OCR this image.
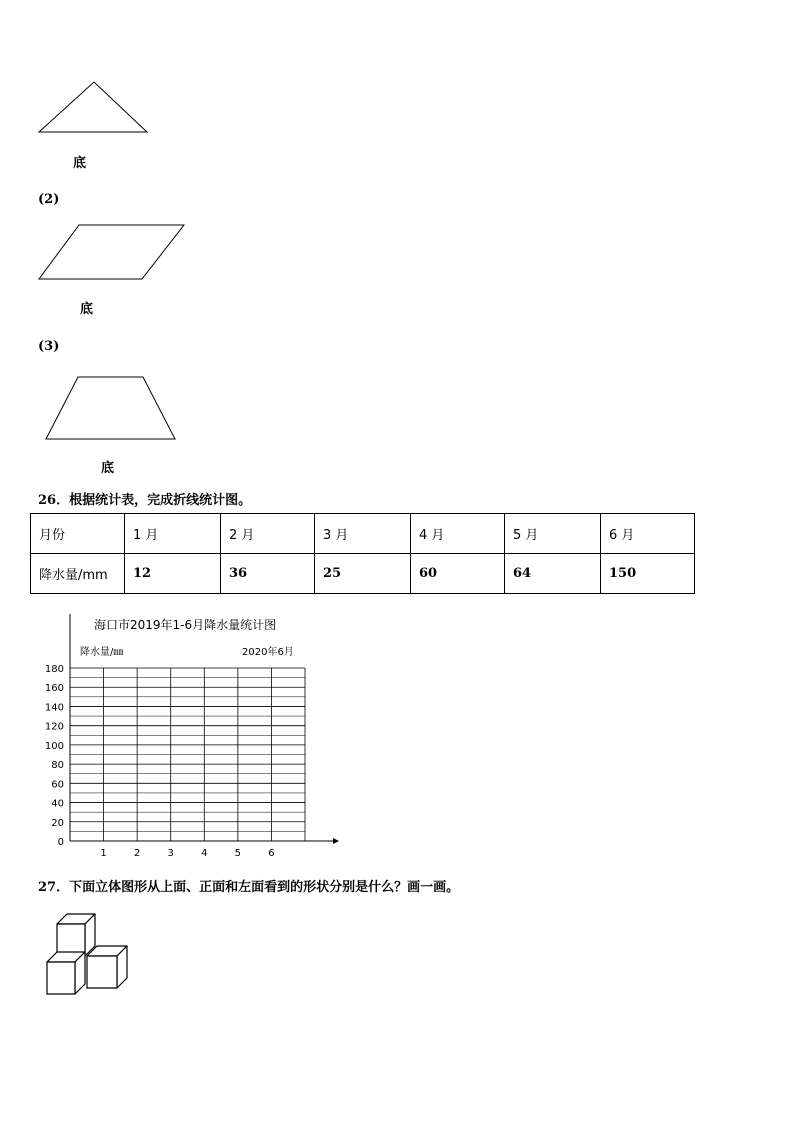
底
(2)
底
(3)
底
26．根据统计表，完成折线统计图。
月份	1 月	2 月	3 月	4 月	5 月	6 月
降水量/mm	12	36	25	60	64	150
海口市2019年1-6月降水量统计图
降水量/㎜	2020年6月
0
20
40
60
80
100
120
140
160
180
1	2	3	4	5	6
27．下面立体图形从上面、正面和左面看到的形状分别是什么？画一画。
